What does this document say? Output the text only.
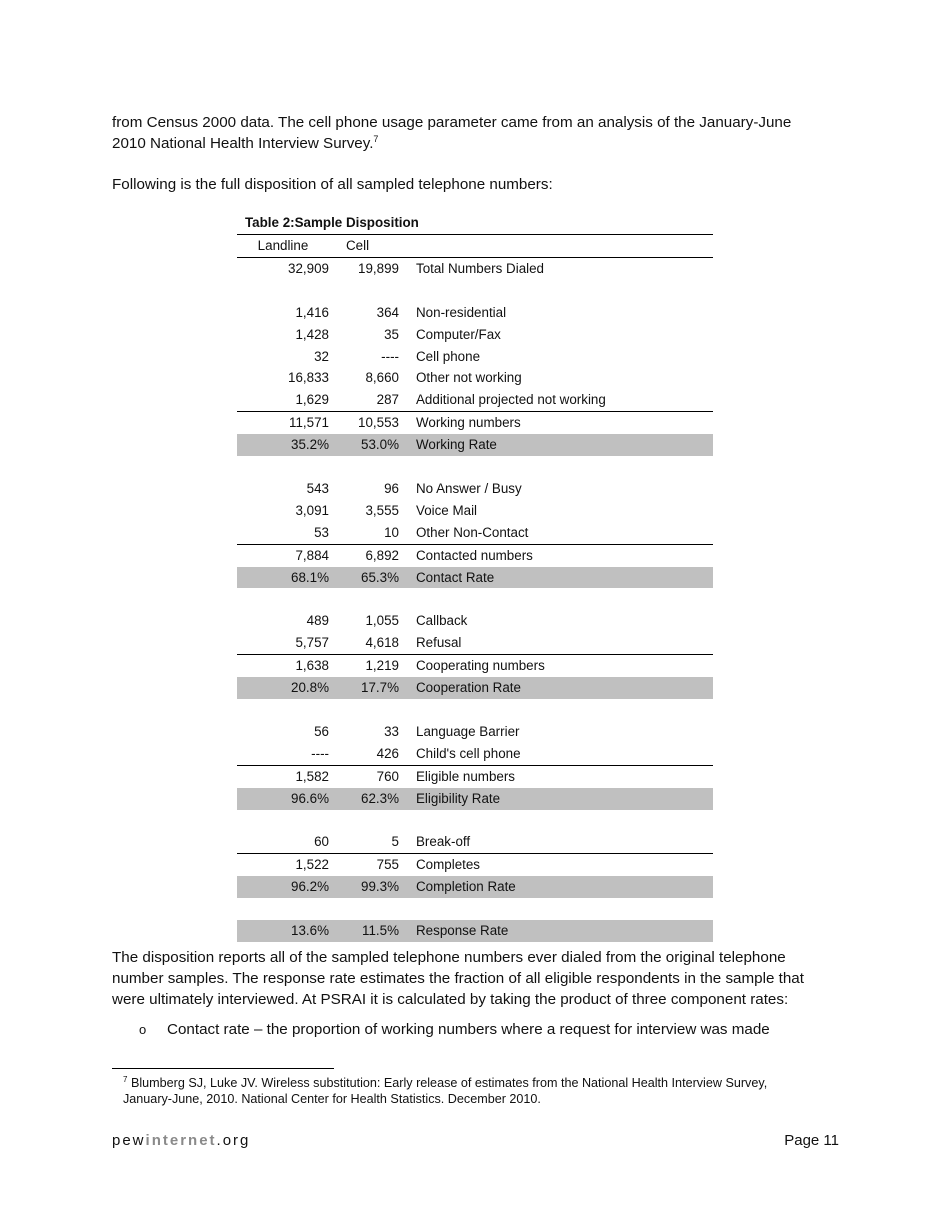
from Census 2000 data. The cell phone usage parameter came from an analysis of the January-June
2010 National Health Interview Survey.$^7$

Following is the full disposition of all sampled telephone numbers:

Table 2:Sample Disposition
Landline	Cell	
32,909	19,899	Total Numbers Dialed

1,416	364	Non-residential
1,428	35	Computer/Fax
32	----	Cell phone
16,833	8,660	Other not working
1,629	287	Additional projected not working
11,571	10,553	Working numbers
35.2%	53.0%	Working Rate

543	96	No Answer / Busy
3,091	3,555	Voice Mail
53	10	Other Non-Contact
7,884	6,892	Contacted numbers
68.1%	65.3%	Contact Rate

489	1,055	Callback
5,757	4,618	Refusal
1,638	1,219	Cooperating numbers
20.8%	17.7%	Cooperation Rate

56	33	Language Barrier
----	426	Child's cell phone
1,582	760	Eligible numbers
96.6%	62.3%	Eligibility Rate

60	5	Break-off
1,522	755	Completes
96.2%	99.3%	Completion Rate

13.6%	11.5%	Response Rate

The disposition reports all of the sampled telephone numbers ever dialed from the original telephone
number samples. The response rate estimates the fraction of all eligible respondents in the sample that
were ultimately interviewed. At PSRAI it is calculated by taking the product of three component rates:

o Contact rate – the proportion of working numbers where a request for interview was made
$^7$ Blumberg SJ, Luke JV. Wireless substitution: Early release of estimates from the National Health Interview Survey,
January-June, 2010. National Center for Health Statistics. December 2010.
pewinternet.org	Page 11
